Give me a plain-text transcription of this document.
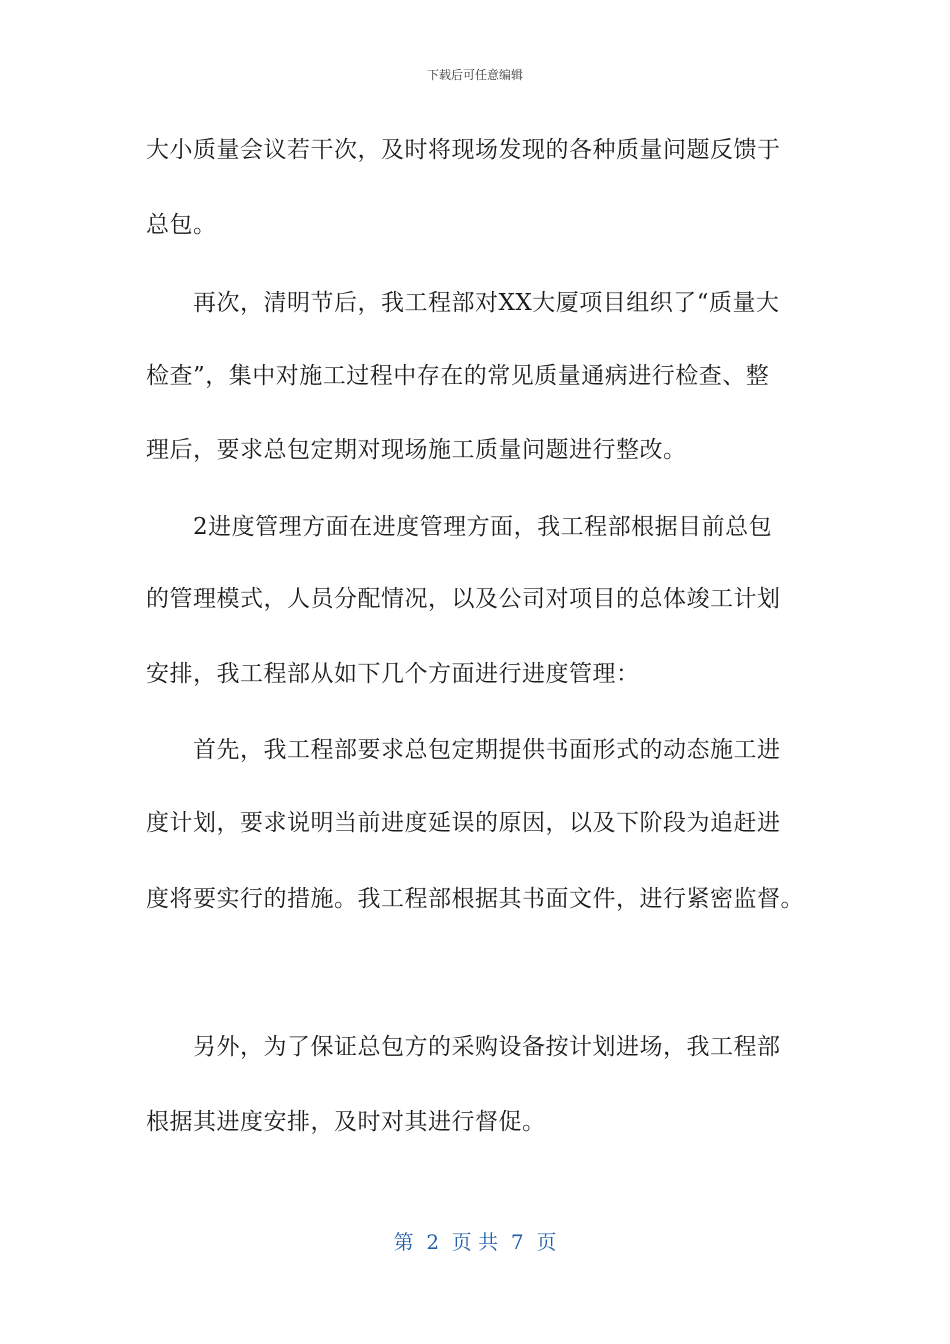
下载后可任意编辑
大小质量会议若干次，及时将现场发现的各种质量问题反馈于
总包。
　　再次，清明节后，我工程部对XX大厦项目组织了“质量大
检查”，集中对施工过程中存在的常见质量通病进行检查、整
理后，要求总包定期对现场施工质量问题进行整改。
　　2进度管理方面在进度管理方面，我工程部根据目前总包
的管理模式，人员分配情况，以及公司对项目的总体竣工计划
安排，我工程部从如下几个方面进行进度管理：
　　首先，我工程部要求总包定期提供书面形式的动态施工进
度计划，要求说明当前进度延误的原因，以及下阶段为追赶进
度将要实行的措施。我工程部根据其书面文件，进行紧密监督。
　　另外，为了保证总包方的采购设备按计划进场，我工程部
根据其进度安排，及时对其进行督促。
第  2  页 共  7  页
